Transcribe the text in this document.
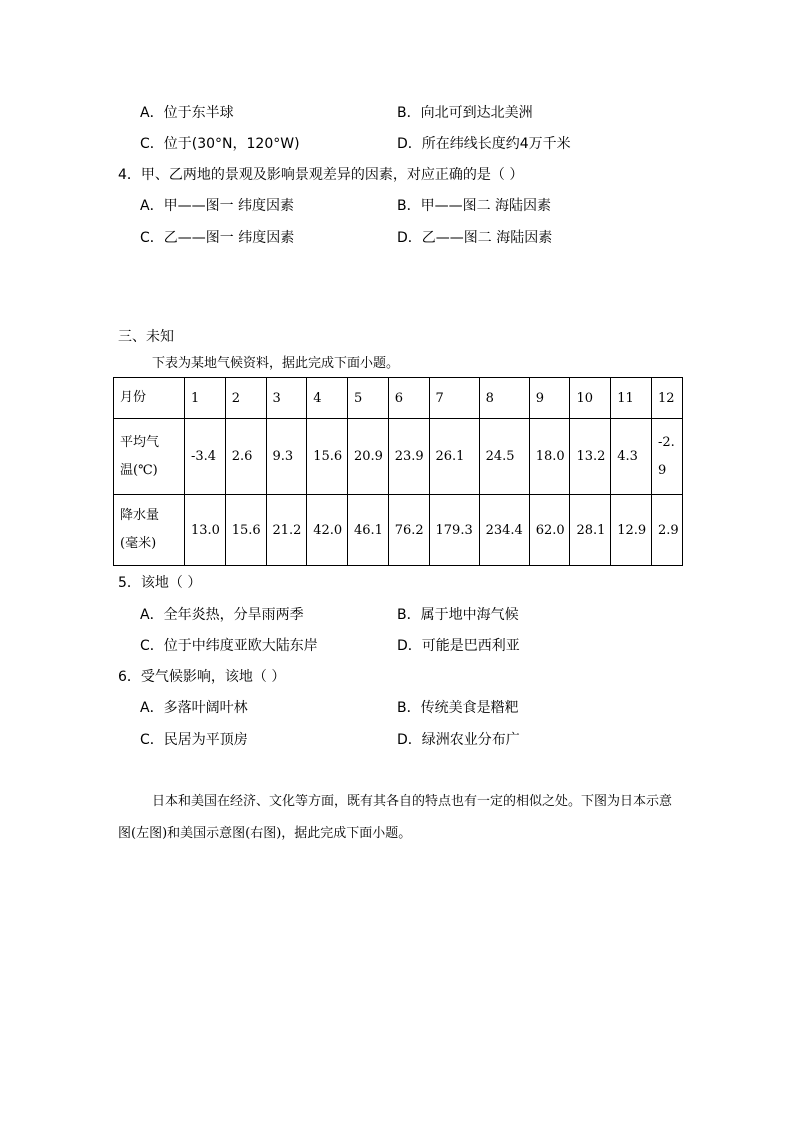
A．位于东半球	B．向北可到达北美洲
C．位于(30°N，120°W)	D．所在纬线长度约4万千米
4．甲、乙两地的景观及影响景观差异的因素，对应正确的是（ ）
A．甲——图一 纬度因素	B．甲——图二 海陆因素
C．乙——图一 纬度因素	D．乙——图二 海陆因素
三、未知
下表为某地气候资料，据此完成下面小题。
月份	1	2	3	4	5	6	7	8	9	10	11	12
平均气
温(℃)	-3.4	2.6	9.3	15.6	20.9	23.9	26.1	24.5	18.0	13.2	4.3	-2.9
降水量
(毫米)	13.0	15.6	21.2	42.0	46.1	76.2	179.3	234.4	62.0	28.1	12.9	2.9
5．该地（ ）
A．全年炎热，分旱雨两季	B．属于地中海气候
C．位于中纬度亚欧大陆东岸	D．可能是巴西利亚
6．受气候影响，该地（ ）
A．多落叶阔叶林	B．传统美食是糌粑
C．民居为平顶房	D．绿洲农业分布广
日本和美国在经济、文化等方面，既有其各自的特点也有一定的相似之处。下图为日本示意图(左图)和美国示意图(右图)，据此完成下面小题。
